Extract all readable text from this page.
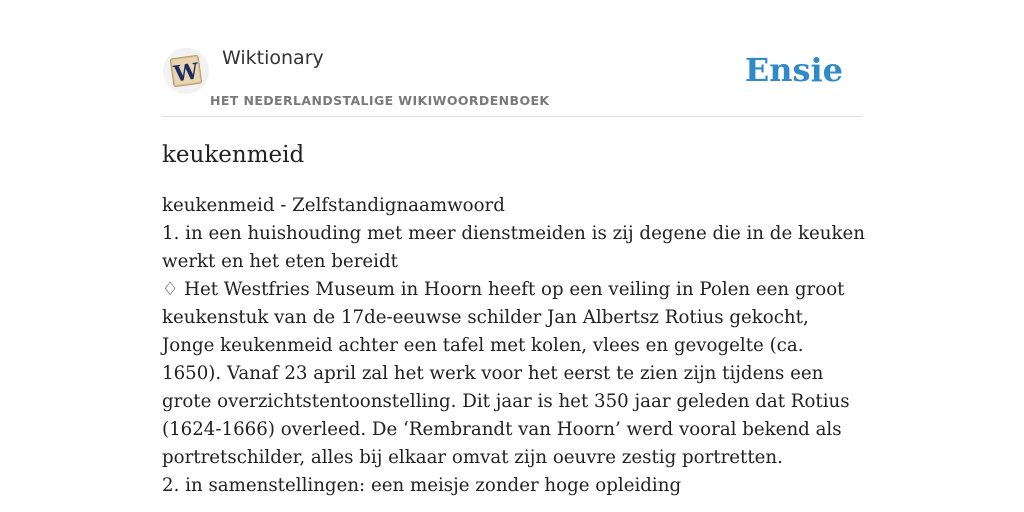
W
Wiktionary
HET NEDERLANDSTALIGE WIKIWOORDENBOEK
Ensie
keukenmeid
keukenmeid - Zelfstandignaamwoord
1. in een huishouding met meer dienstmeiden is zij degene die in de keuken werkt en het eten bereidt
♢ Het Westfries Museum in Hoorn heeft op een veiling in Polen een groot keukenstuk van de 17de-eeuwse schilder Jan Albertsz Rotius gekocht, Jonge keukenmeid achter een tafel met kolen, vlees en gevogelte (ca. 1650). Vanaf 23 april zal het werk voor het eerst te zien zijn tijdens een grote overzichtstentoonstelling. Dit jaar is het 350 jaar geleden dat Rotius (1624-1666) overleed. De ‘Rembrandt van Hoorn’ werd vooral bekend als portretschilder, alles bij elkaar omvat zijn oeuvre zestig portretten.
2. in samenstellingen: een meisje zonder hoge opleiding
